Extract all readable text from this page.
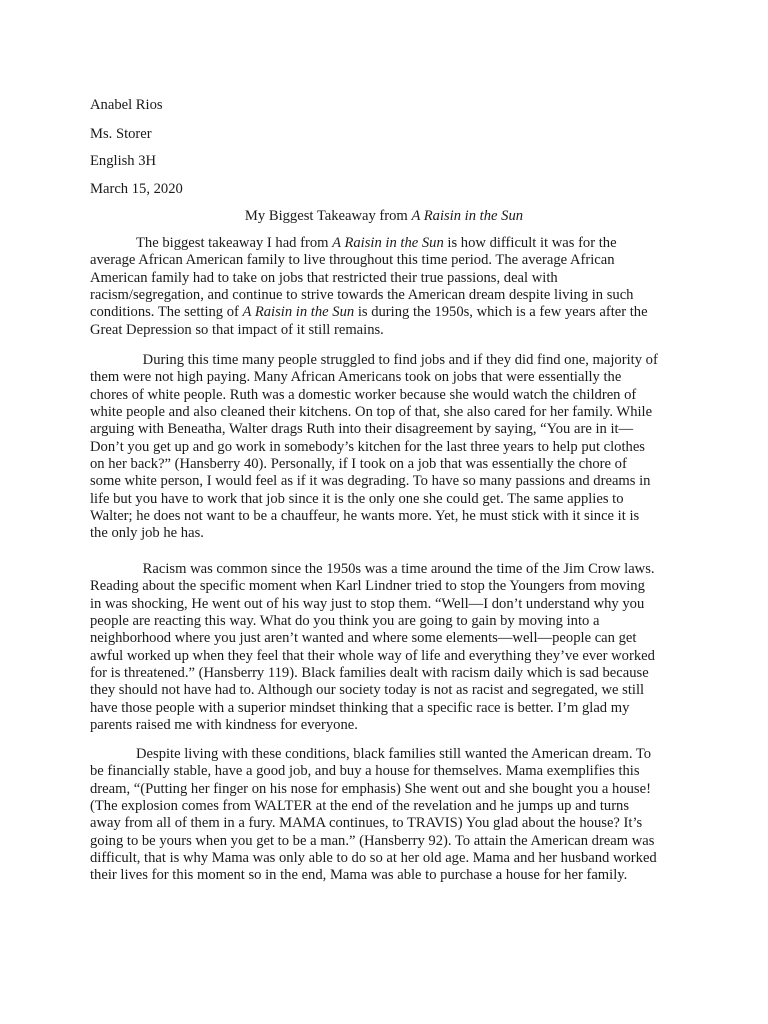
Anabel Rios
Ms. Storer
English 3H
March 15, 2020
My Biggest Takeaway from A Raisin in the Sun
The biggest takeaway I had from A Raisin in the Sun is how difficult it was for the
average African American family to live throughout this time period. The average African
American family had to take on jobs that restricted their true passions, deal with
racism/segregation, and continue to strive towards the American dream despite living in such
conditions. The setting of A Raisin in the Sun is during the 1950s, which is a few years after the
Great Depression so that impact of it still remains.
During this time many people struggled to find jobs and if they did find one, majority of
them were not high paying. Many African Americans took on jobs that were essentially the
chores of white people. Ruth was a domestic worker because she would watch the children of
white people and also cleaned their kitchens. On top of that, she also cared for her family. While
arguing with Beneatha, Walter drags Ruth into their disagreement by saying, “You are in it—
Don’t you get up and go work in somebody’s kitchen for the last three years to help put clothes
on her back?” (Hansberry 40). Personally, if I took on a job that was essentially the chore of
some white person, I would feel as if it was degrading. To have so many passions and dreams in
life but you have to work that job since it is the only one she could get. The same applies to
Walter; he does not want to be a chauffeur, he wants more. Yet, he must stick with it since it is
the only job he has.
Racism was common since the 1950s was a time around the time of the Jim Crow laws.
Reading about the specific moment when Karl Lindner tried to stop the Youngers from moving
in was shocking, He went out of his way just to stop them. “Well—I don’t understand why you
people are reacting this way. What do you think you are going to gain by moving into a
neighborhood where you just aren’t wanted and where some elements—well—people can get
awful worked up when they feel that their whole way of life and everything they’ve ever worked
for is threatened.” (Hansberry 119). Black families dealt with racism daily which is sad because
they should not have had to. Although our society today is not as racist and segregated, we still
have those people with a superior mindset thinking that a specific race is better. I’m glad my
parents raised me with kindness for everyone.
Despite living with these conditions, black families still wanted the American dream. To
be financially stable, have a good job, and buy a house for themselves. Mama exemplifies this
dream, “(Putting her finger on his nose for emphasis) She went out and she bought you a house!
(The explosion comes from WALTER at the end of the revelation and he jumps up and turns
away from all of them in a fury. MAMA continues, to TRAVIS) You glad about the house? It’s
going to be yours when you get to be a man.” (Hansberry 92). To attain the American dream was
difficult, that is why Mama was only able to do so at her old age. Mama and her husband worked
their lives for this moment so in the end, Mama was able to purchase a house for her family.
